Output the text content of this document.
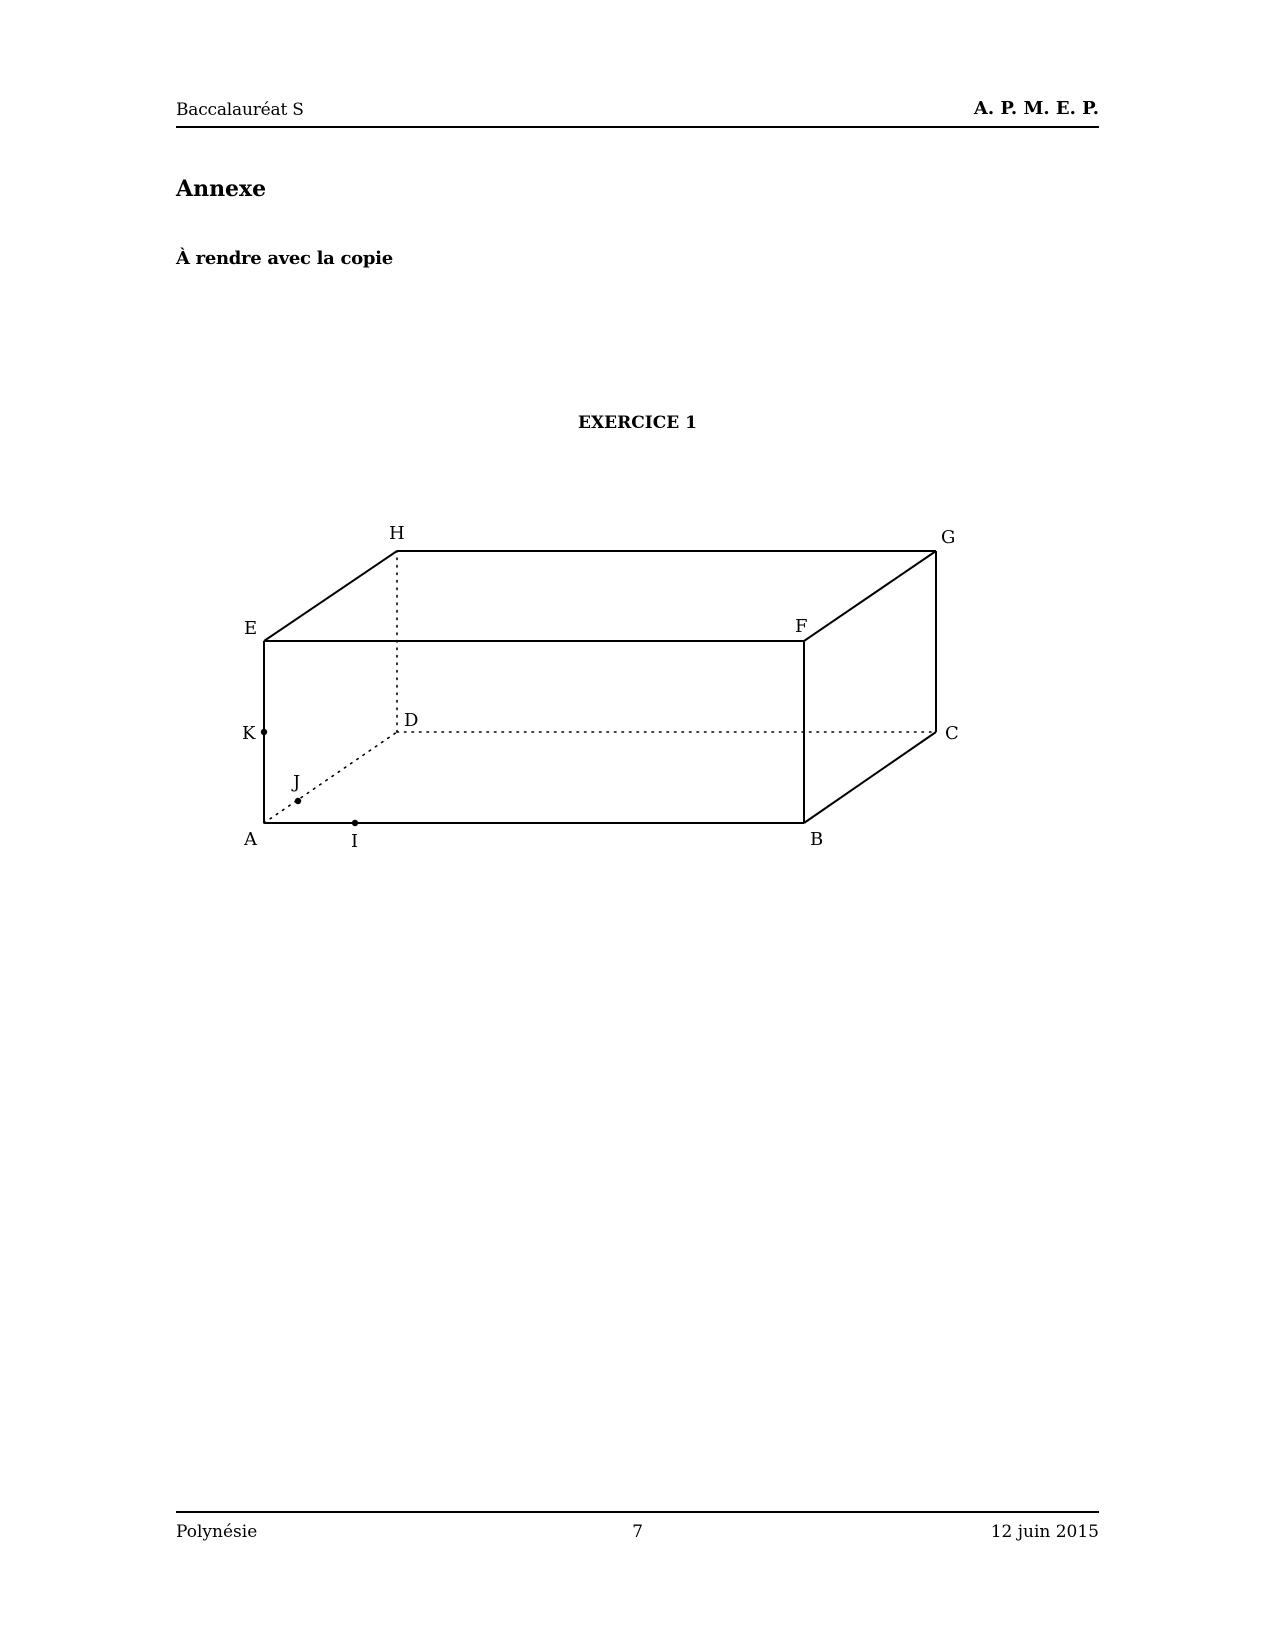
Baccalauréat S	A. P. M. E. P.
Annexe
À rendre avec la copie
EXERCICE 1
A	B
C
D
E	F
G
H
I
J
K
Polynésie	7	12 juin 2015
